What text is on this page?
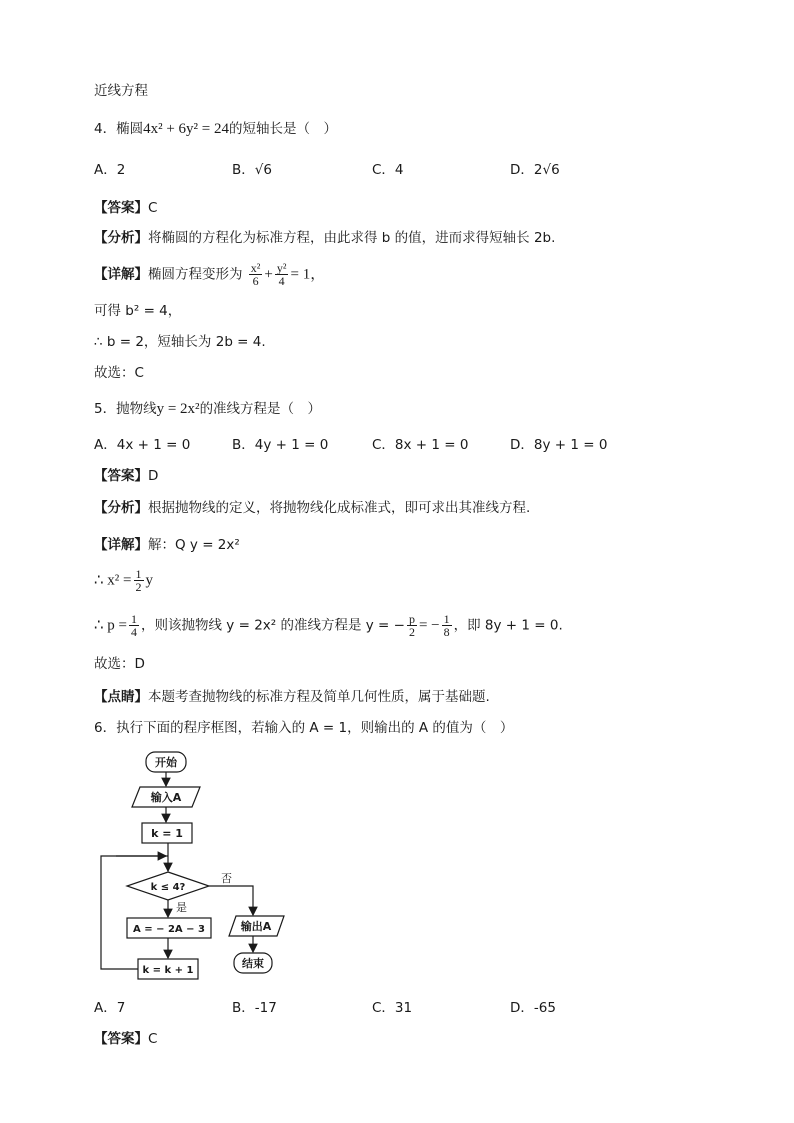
近线方程
4．椭圆4x² + 6y² = 24的短轴长是（　）
A．2	B．√6	C．4	D．2√6
【答案】C
【分析】将椭圆的方程化为标准方程，由此求得 b 的值，进而求得短轴长 2b.
【详解】椭圆方程变形为 $\frac{\text{x²}}{6} + \frac{\text{y²}}{4} = 1$，
可得 b² = 4，
∴ b = 2，短轴长为 2b = 4.
故选：C
5．抛物线y = 2x²的准线方程是（　）
A．4x + 1 = 0	B．4y + 1 = 0	C．8x + 1 = 0	D．8y + 1 = 0
【答案】D
【分析】根据抛物线的定义，将抛物线化成标准式，即可求出其准线方程.
【详解】解：Q y = 2x²
∴ $x^2 = \frac{1}{2}$ y
∴ $p = \frac{1}{4}$ ，则该抛物线 y = 2x² 的准线方程是 y = − $\frac{p}{2}$ = − $\frac{1}{8}$ ，即 8y + 1 = 0.
故选：D
【点睛】本题考查抛物线的标准方程及简单几何性质，属于基础题.
6．执行下面的程序框图，若输入的 A = 1，则输出的 A 的值为（　）
开始
输入A
k = 1
k ≤ 4?
否
是
A = − 2A − 3	输出A
k = k + 1
结束
A．7	B．-17	C．31	D．-65
【答案】C
